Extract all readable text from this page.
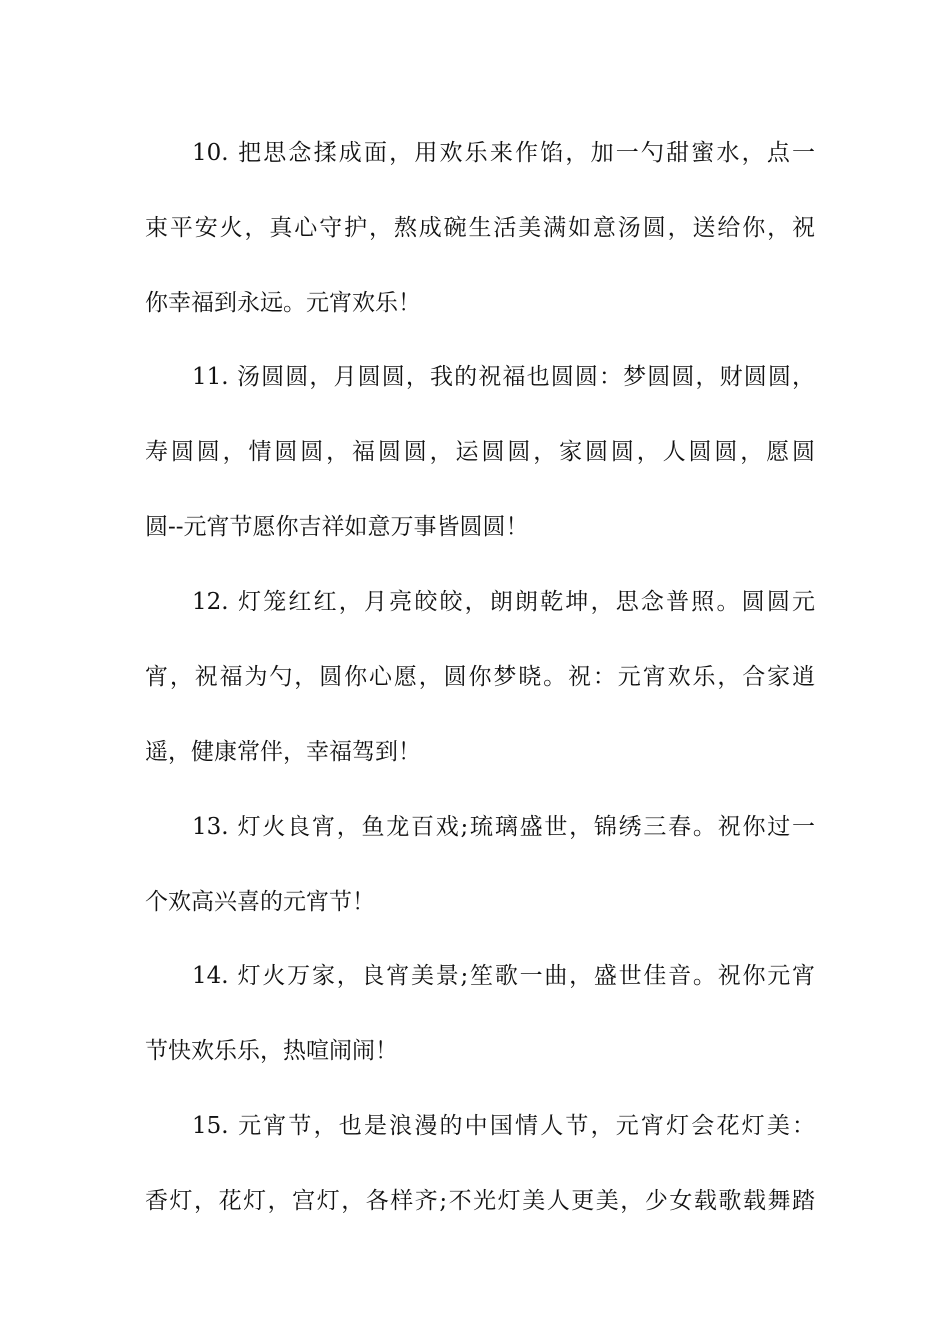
10. 把思念揉成面，用欢乐来作馅，加一勺甜蜜水，点一
束平安火，真心守护，熬成碗生活美满如意汤圆，送给你，祝
你幸福到永远。元宵欢乐！

11. 汤圆圆，月圆圆，我的祝福也圆圆：梦圆圆，财圆圆，
寿圆圆，情圆圆，福圆圆，运圆圆，家圆圆，人圆圆，愿圆
圆--元宵节愿你吉祥如意万事皆圆圆！

12. 灯笼红红，月亮皎皎，朗朗乾坤，思念普照。圆圆元
宵，祝福为勺，圆你心愿，圆你梦晓。祝：元宵欢乐，合家逍
遥，健康常伴，幸福驾到！

13. 灯火良宵，鱼龙百戏;琉璃盛世，锦绣三春。祝你过一
个欢高兴喜的元宵节！

14. 灯火万家，良宵美景;笙歌一曲，盛世佳音。祝你元宵
节快欢乐乐，热喧闹闹！

15. 元宵节，也是浪漫的中国情人节，元宵灯会花灯美：
香灯，花灯，宫灯，各样齐;不光灯美人更美，少女载歌载舞踏
